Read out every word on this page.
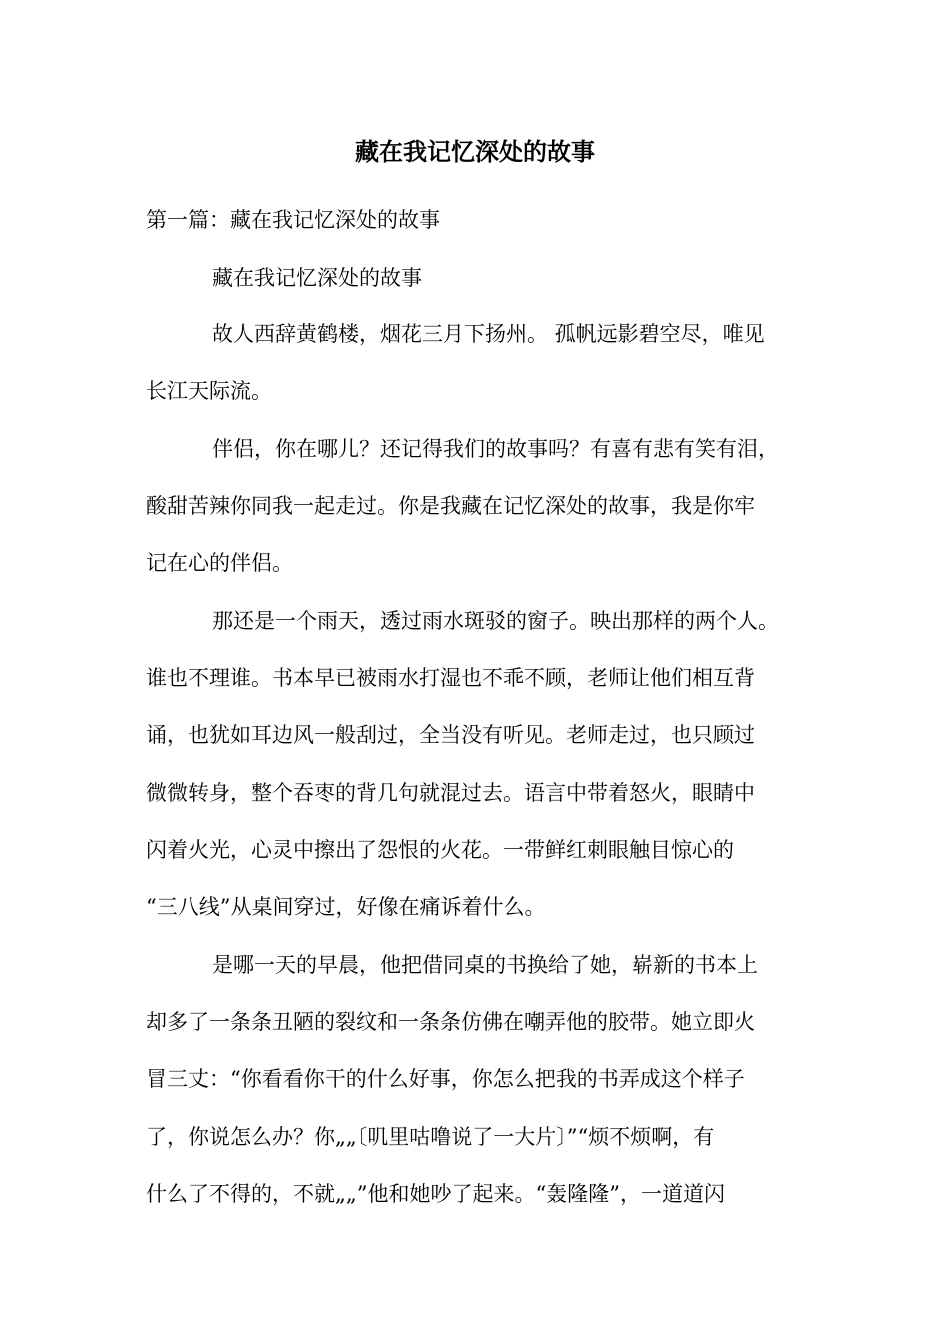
藏在我记忆深处的故事

第一篇：藏在我记忆深处的故事

藏在我记忆深处的故事

故人西辞黄鹤楼，烟花三月下扬州。 孤帆远影碧空尽，唯见

长江天际流。

伴侣，你在哪儿？还记得我们的故事吗？有喜有悲有笑有泪，

酸甜苦辣你同我一起走过。你是我藏在记忆深处的故事，我是你牢

记在心的伴侣。

那还是一个雨天，透过雨水斑驳的窗子。映出那样的两个人。

谁也不理谁。书本早已被雨水打湿也不乖不顾，老师让他们相互背

诵，也犹如耳边风一般刮过，全当没有听见。老师走过，也只顾过

微微转身，整个吞枣的背几句就混过去。语言中带着怒火，眼睛中

闪着火光，心灵中擦出了怨恨的火花。一带鲜红刺眼触目惊心的

“三八线”从桌间穿过，好像在痛诉着什么。

是哪一天的早晨，他把借同桌的书换给了她，崭新的书本上

却多了一条条丑陋的裂纹和一条条仿佛在嘲弄他的胶带。她立即火

冒三丈：“你看看你干的什么好事，你怎么把我的书弄成这个样子

了，你说怎么办？你„„〔叽里咕噜说了一大片〕”“烦不烦啊，有

什么了不得的，不就„„”他和她吵了起来。“轰隆隆”，一道道闪
